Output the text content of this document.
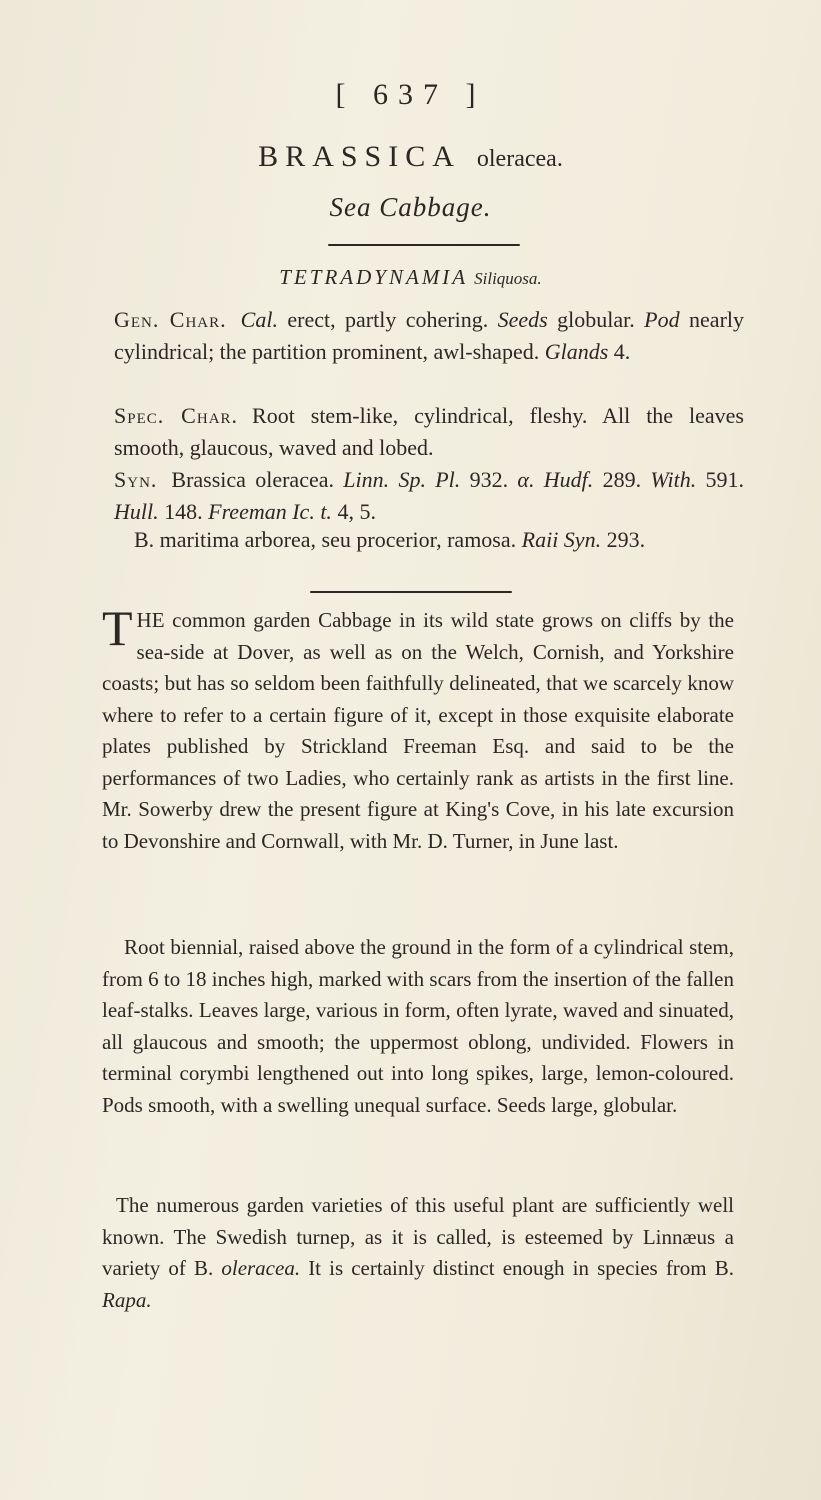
[ 637 ]
BRASSICA oleracea.
Sea Cabbage.
TETRADYNAMIA Siliquosa.
Gen. Char. Cal. erect, partly cohering. Seeds globular. Pod nearly cylindrical; the partition prominent, awl-shaped. Glands 4.
Spec. Char. Root stem-like, cylindrical, fleshy. All the leaves smooth, glaucous, waved and lobed.
Syn. Brassica oleracea. Linn. Sp. Pl. 932. α. Hudf. 289. With. 591. Hull. 148. Freeman Ic. t. 4, 5.
B. maritima arborea, seu procerior, ramosa. Raii Syn. 293.
THE common garden Cabbage in its wild state grows on cliffs by the sea-side at Dover, as well as on the Welch, Cornish, and Yorkshire coasts; but has so seldom been faithfully delineated, that we scarcely know where to refer to a certain figure of it, except in those exquisite elaborate plates published by Strickland Freeman Esq. and said to be the performances of two Ladies, who certainly rank as artists in the first line. Mr. Sowerby drew the present figure at King's Cove, in his late excursion to Devonshire and Cornwall, with Mr. D. Turner, in June last.
Root biennial, raised above the ground in the form of a cylindrical stem, from 6 to 18 inches high, marked with scars from the insertion of the fallen leaf-stalks. Leaves large, various in form, often lyrate, waved and sinuated, all glaucous and smooth; the uppermost oblong, undivided. Flowers in terminal corymbi lengthened out into long spikes, large, lemon-coloured. Pods smooth, with a swelling unequal surface. Seeds large, globular.
The numerous garden varieties of this useful plant are sufficiently well known. The Swedish turnep, as it is called, is esteemed by Linnæus a variety of B. oleracea. It is certainly distinct enough in species from B. Rapa.
